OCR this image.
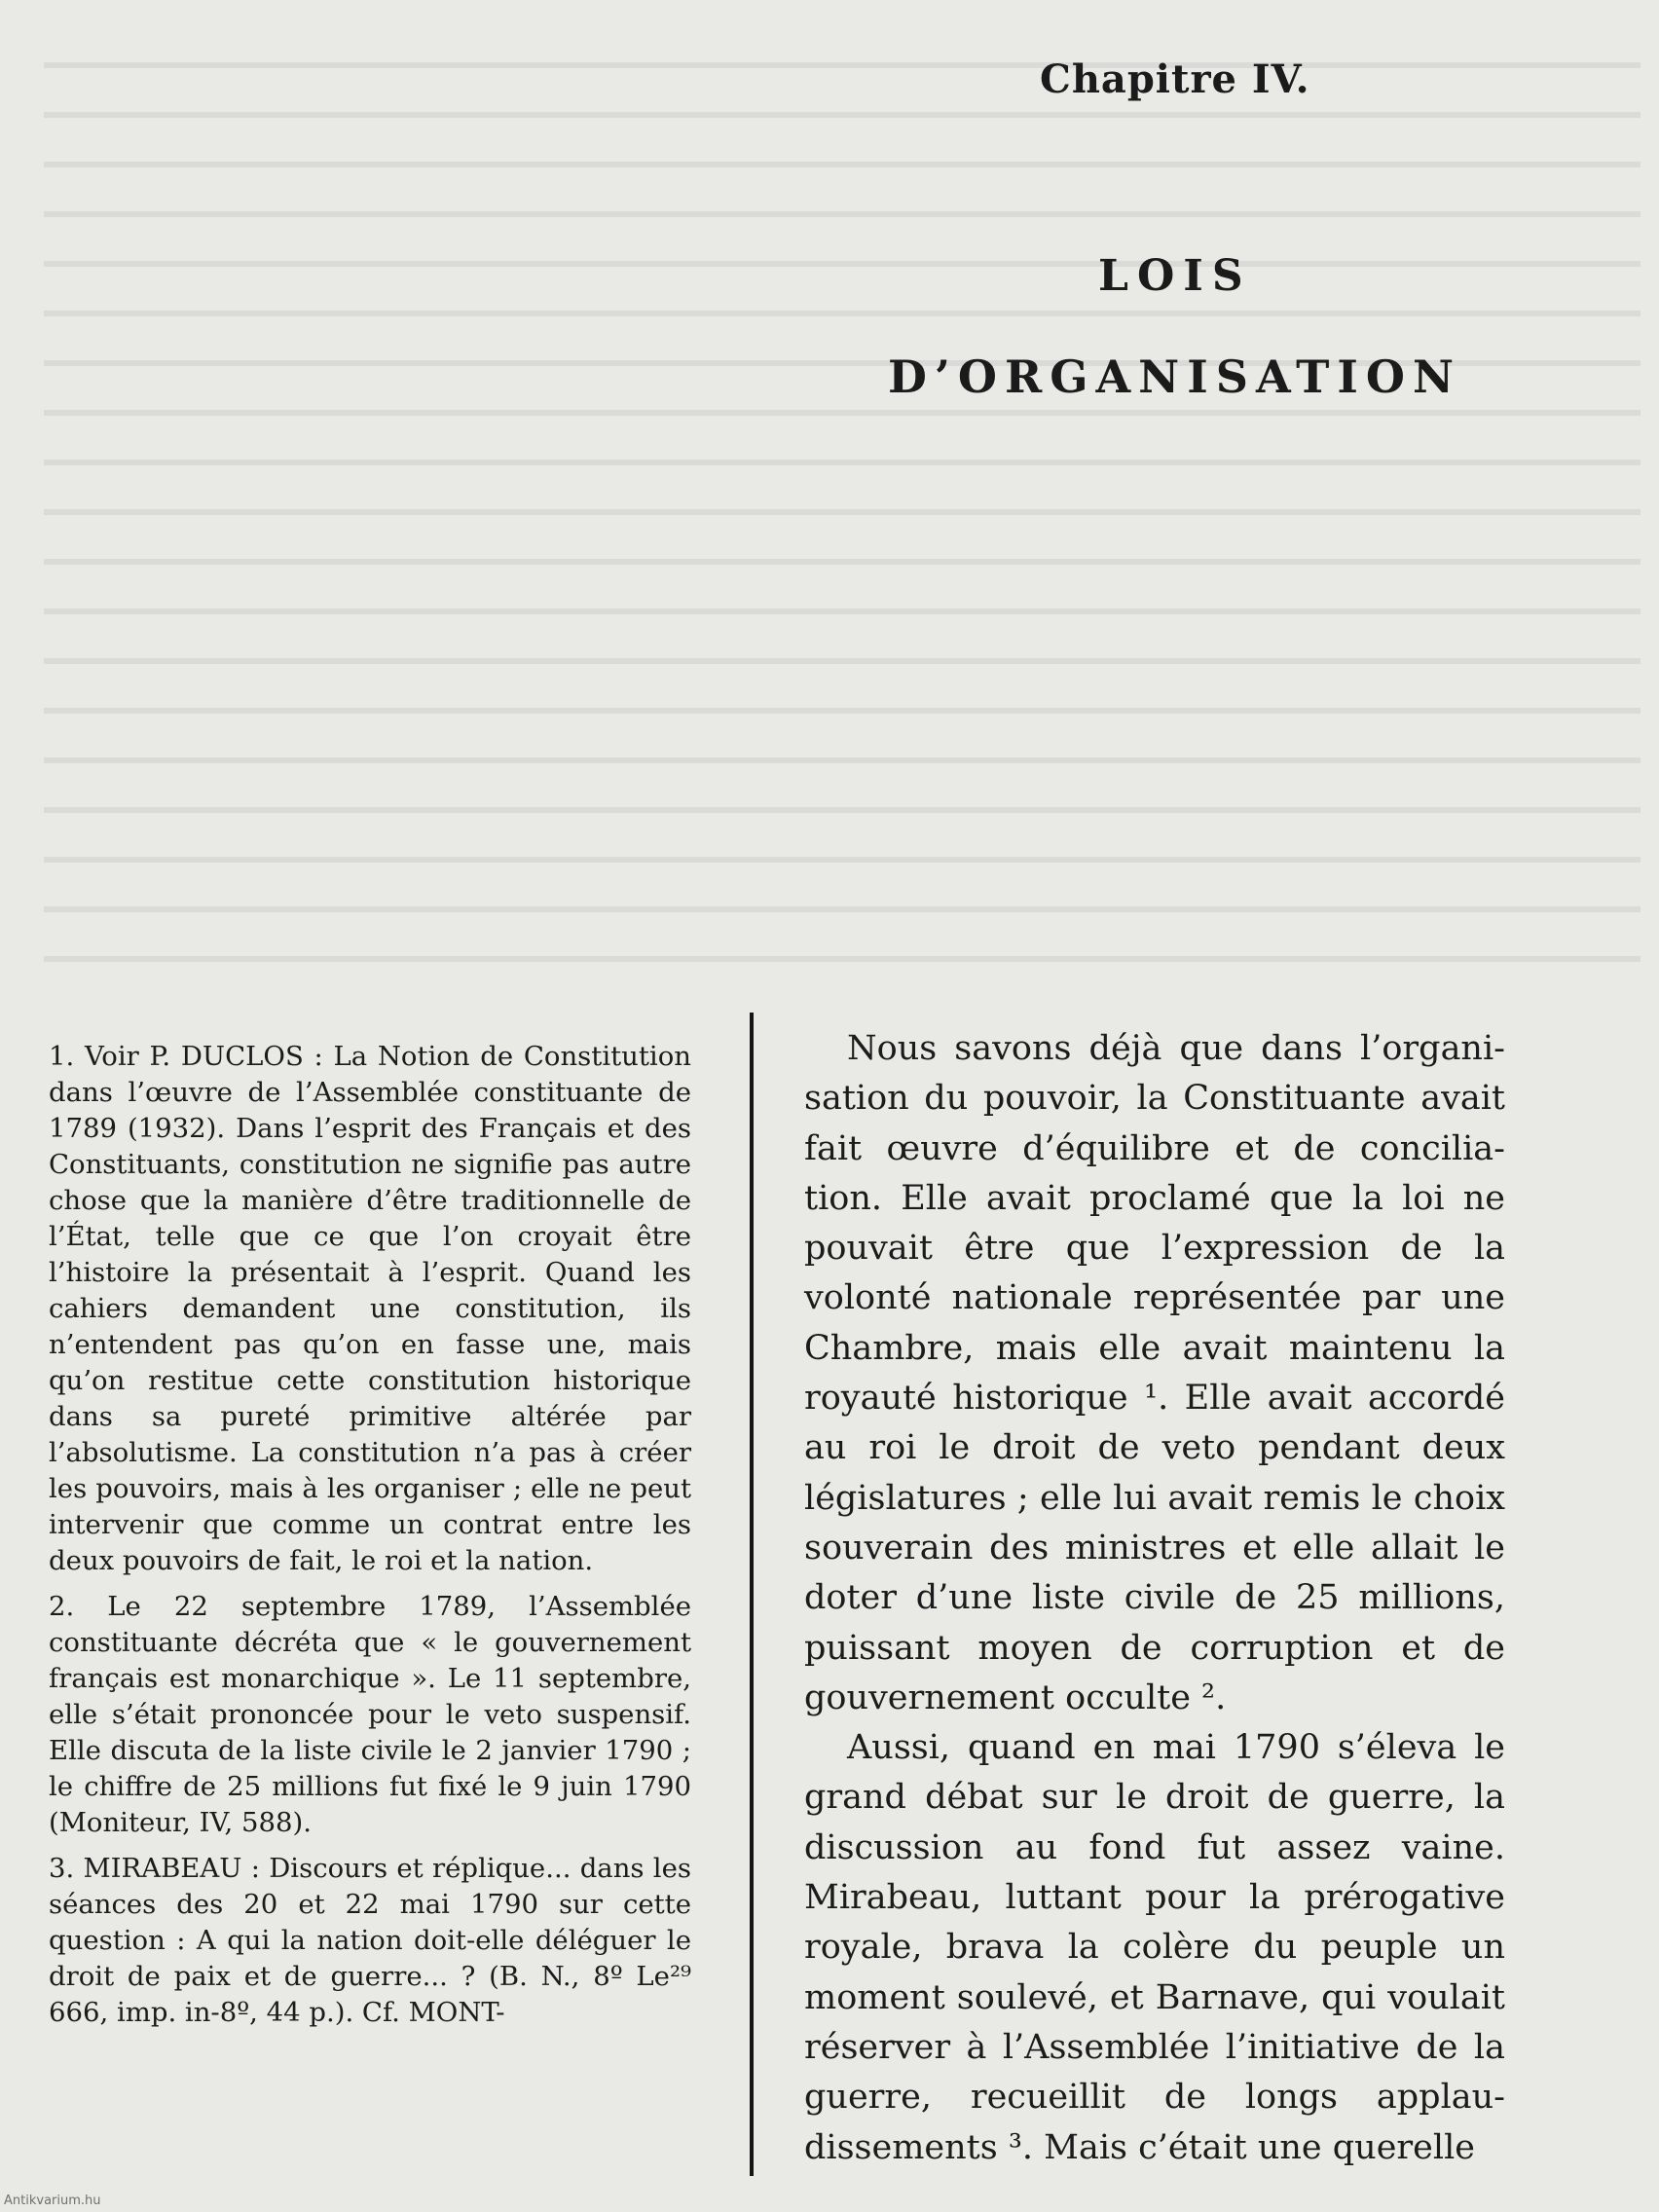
Chapitre IV.
LOIS
D’ORGANISATION

Nous savons déjà que dans l’organi-sation du pouvoir, la Constituante avait fait œuvre d’équilibre et de concilia-tion. Elle avait proclamé que la loi ne pouvait être que l’expression de la volonté nationale représentée par une Chambre, mais elle avait maintenu la royauté historique ¹. Elle avait accordé au roi le droit de veto pendant deux législatures ; elle lui avait remis le choix souverain des ministres et elle allait le doter d’une liste civile de 25 millions, puissant moyen de corruption et de gouvernement occulte ².

Aussi, quand en mai 1790 s’éleva le grand débat sur le droit de guerre, la discussion au fond fut assez vaine. Mirabeau, luttant pour la prérogative royale, brava la colère du peuple un moment soulevé, et Barnave, qui voulait réserver à l’Assemblée l’initiative de la guerre, recueillit de longs applau-dissements ³. Mais c’était une querelle

1. Voir P. DUCLOS : La Notion de Constitution dans l’œuvre de l’Assemblée constituante de 1789 (1932). Dans l’esprit des Français et des Constituants, constitution ne signifie pas autre chose que la manière d’être traditionnelle de l’État, telle que ce que l’on croyait être l’histoire la présentait à l’esprit. Quand les cahiers demandent une constitution, ils n’entendent pas qu’on en fasse une, mais qu’on restitue cette constitution historique dans sa pureté primitive altérée par l’absolutisme. La constitution n’a pas à créer les pouvoirs, mais à les organiser ; elle ne peut intervenir que comme un contrat entre les deux pouvoirs de fait, le roi et la nation.

2. Le 22 septembre 1789, l’Assemblée constituante décréta que « le gouvernement français est monarchique ». Le 11 septembre, elle s’était prononcée pour le veto suspensif. Elle discuta de la liste civile le 2 janvier 1790 ; le chiffre de 25 millions fut fixé le 9 juin 1790 (Moniteur, IV, 588).

3. MIRABEAU : Discours et réplique... dans les séances des 20 et 22 mai 1790 sur cette question : A qui la nation doit-elle déléguer le droit de paix et de guerre... ? (B. N., 8º Le²⁹ 666, imp. in-8º, 44 p.). Cf. MONT-

Antikvarium.hu
